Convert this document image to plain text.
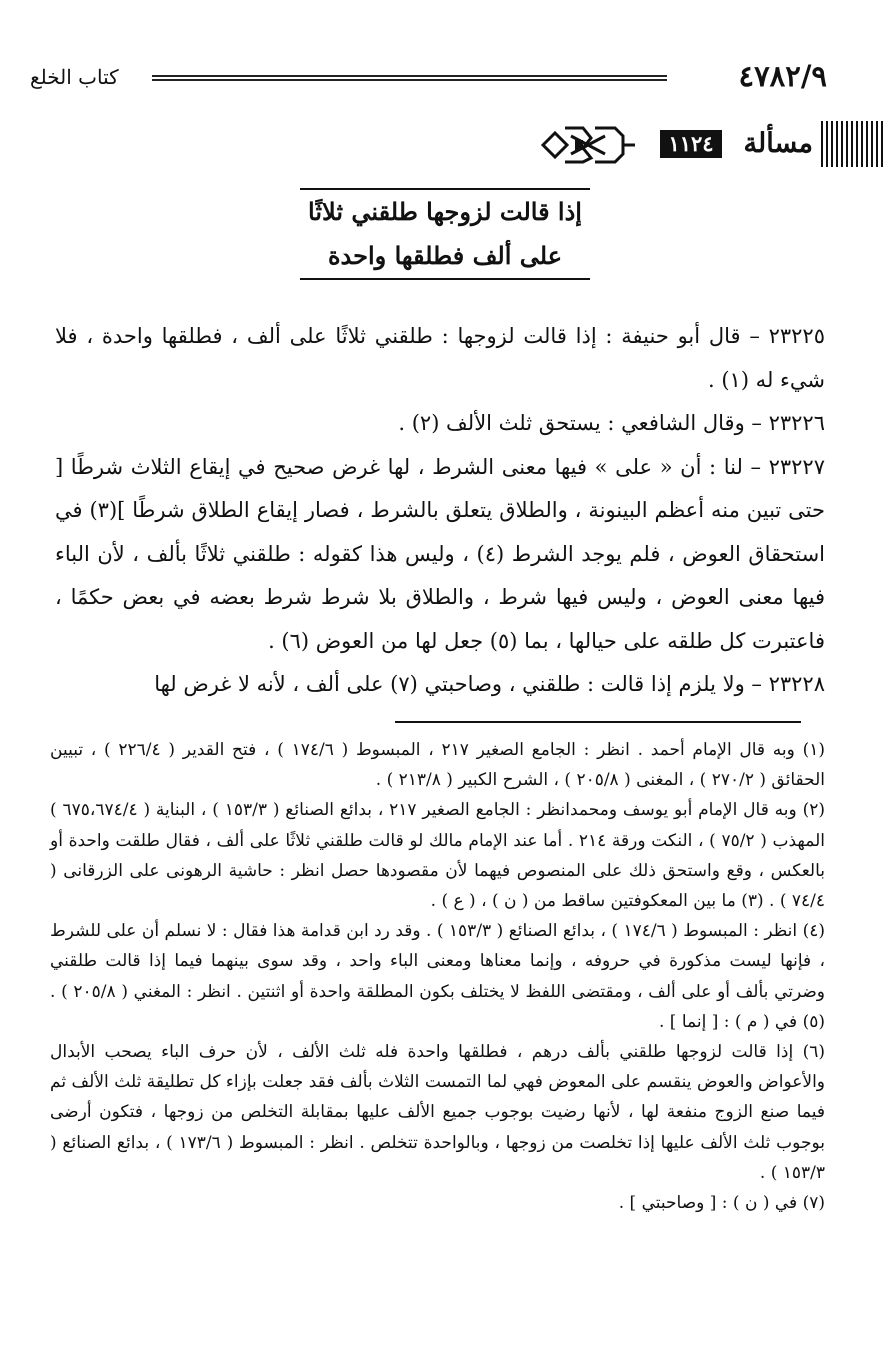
٤٧٨٢/٩
كتاب الخلع
مسألة
١١٢٤
إذا قالت لزوجها طلقني ثلاثًا
على ألف فطلقها واحدة

٢٣٢٢٥ – قال أبو حنيفة : إذا قالت لزوجها : طلقني ثلاثًا على ألف ، فطلقها واحدة ، فلا شيء له (١) .

٢٣٢٢٦ – وقال الشافعي : يستحق ثلث الألف (٢) .

٢٣٢٢٧ – لنا : أن « على » فيها معنى الشرط ، لها غرض صحيح في إيقاع الثلاث شرطًا [ حتى تبين منه أعظم البينونة ، والطلاق يتعلق بالشرط ، فصار إيقاع الطلاق شرطًا ](٣) في استحقاق العوض ، فلم يوجد الشرط (٤) ، وليس هذا كقوله : طلقني ثلاثًا بألف ، لأن الباء فيها معنى العوض ، وليس فيها شرط ، والطلاق بلا شرط شرط بعضه في بعض حكمًا ، فاعتبرت كل طلقه على حيالها ، بما (٥) جعل لها من العوض (٦) .

٢٣٢٢٨ – ولا يلزم إذا قالت : طلقني ، وصاحبتي (٧) على ألف ، لأنه لا غرض لها

(١) وبه قال الإمام أحمد . انظر : الجامع الصغير ٢١٧ ، المبسوط ( ١٧٤/٦ ) ، فتح القدير ( ٢٢٦/٤ ) ، تبيين الحقائق ( ٢٧٠/٢ ) ، المغنى ( ٢٠٥/٨ ) ، الشرح الكبير ( ٢١٣/٨ ) .

(٢) وبه قال الإمام أبو يوسف ومحمدانظر : الجامع الصغير ٢١٧ ، بدائع الصنائع ( ١٥٣/٣ ) ، البناية ( ٦٧٥،٦٧٤/٤ ) المهذب ( ٧٥/٢ ) ، النكت ورقة ٢١٤ . أما عند الإمام مالك لو قالت طلقني ثلاثًا على ألف ، فقال طلقت واحدة أو بالعكس ، وقع واستحق ذلك على المنصوص فيهما لأن مقصودها حصل انظر : حاشية الرهونى على الزرقانى ( ٧٤/٤ ) . (٣) ما بين المعكوفتين ساقط من ( ن ) ، ( ع ) .

(٤) انظر : المبسوط ( ١٧٤/٦ ) ، بدائع الصنائع ( ١٥٣/٣ ) . وقد رد ابن قدامة هذا فقال : لا نسلم أن على للشرط ، فإنها ليست مذكورة في حروفه ، وإنما معناها ومعنى الباء واحد ، وقد سوى بينهما فيما إذا قالت طلقني وضرتي بألف أو على ألف ، ومقتضى اللفظ لا يختلف بكون المطلقة واحدة أو اثنتين . انظر : المغني ( ٢٠٥/٨ ) . (٥) في ( م ) : [ إنما ] .

(٦) إذا قالت لزوجها طلقني بألف درهم ، فطلقها واحدة فله ثلث الألف ، لأن حرف الباء يصحب الأبدال والأعواض والعوض ينقسم على المعوض فهي لما التمست الثلاث بألف فقد جعلت بإزاء كل تطليقة ثلث الألف ثم فيما صنع الزوج منفعة لها ، لأنها رضيت بوجوب جميع الألف عليها بمقابلة التخلص من زوجها ، فتكون أرضى بوجوب ثلث الألف عليها إذا تخلصت من زوجها ، وبالواحدة تتخلص . انظر : المبسوط ( ١٧٣/٦ ) ، بدائع الصنائع ( ١٥٣/٣ ) .

(٧) في ( ن ) : [ وصاحبتي ] .
